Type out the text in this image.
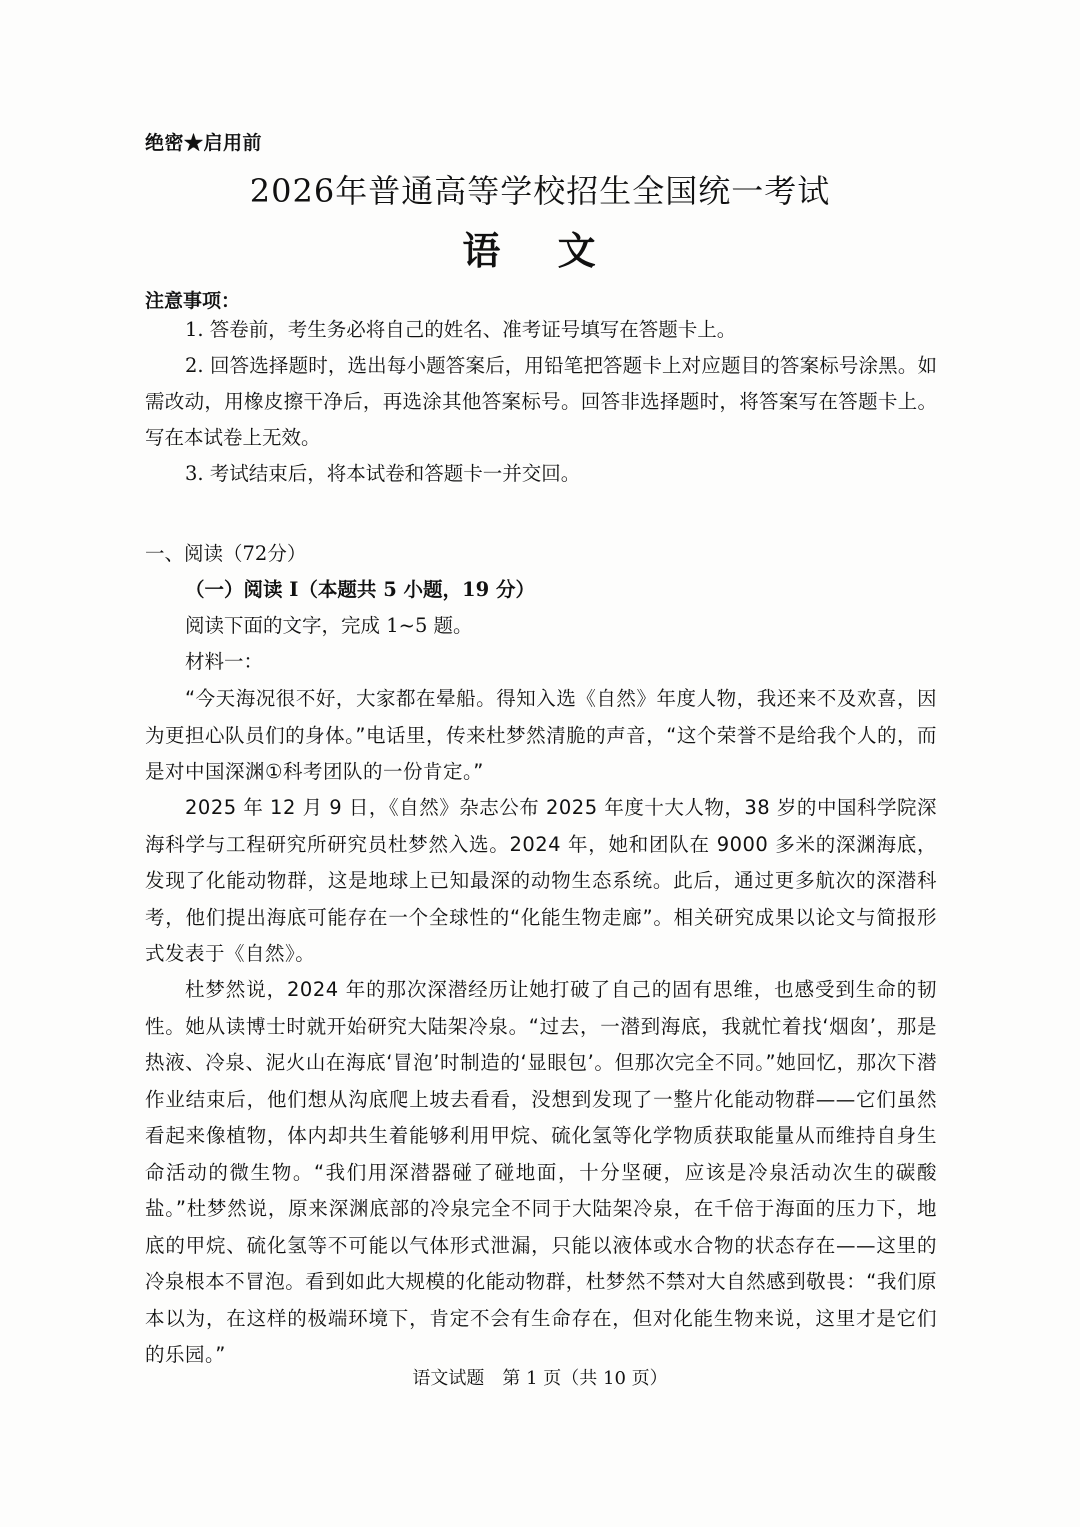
绝密★启用前
2026年普通高等学校招生全国统一考试
语 文
注意事项：
1. 答卷前，考生务必将自己的姓名、准考证号填写在答题卡上。
2. 回答选择题时，选出每小题答案后，用铅笔把答题卡上对应题目的答案标号涂黑。如需改动，用橡皮擦干净后，再选涂其他答案标号。回答非选择题时，将答案写在答题卡上。写在本试卷上无效。
3. 考试结束后，将本试卷和答题卡一并交回。
一、阅读（72分）
（一）阅读 I（本题共 5 小题，19 分）
阅读下面的文字，完成 1~5 题。
材料一：
“今天海况很不好，大家都在晕船。得知入选《自然》年度人物，我还来不及欢喜，因为更担心队员们的身体。”电话里，传来杜梦然清脆的声音，“这个荣誉不是给我个人的，而是对中国深渊①科考团队的一份肯定。”
2025 年 12 月 9 日，《自然》杂志公布 2025 年度十大人物，38 岁的中国科学院深海科学与工程研究所研究员杜梦然入选。2024 年，她和团队在 9000 多米的深渊海底，发现了化能动物群，这是地球上已知最深的动物生态系统。此后，通过更多航次的深潜科考，他们提出海底可能存在一个全球性的“化能生物走廊”。相关研究成果以论文与简报形式发表于《自然》。
杜梦然说，2024 年的那次深潜经历让她打破了自己的固有思维，也感受到生命的韧性。她从读博士时就开始研究大陆架冷泉。“过去，一潜到海底，我就忙着找‘烟囱’，那是热液、冷泉、泥火山在海底‘冒泡’时制造的‘显眼包’。但那次完全不同。”她回忆，那次下潜作业结束后，他们想从沟底爬上坡去看看，没想到发现了一整片化能动物群——它们虽然看起来像植物，体内却共生着能够利用甲烷、硫化氢等化学物质获取能量从而维持自身生命活动的微生物。“我们用深潜器碰了碰地面，十分坚硬，应该是冷泉活动次生的碳酸盐。”杜梦然说，原来深渊底部的冷泉完全不同于大陆架冷泉，在千倍于海面的压力下，地底的甲烷、硫化氢等不可能以气体形式泄漏，只能以液体或水合物的状态存在——这里的冷泉根本不冒泡。看到如此大规模的化能动物群，杜梦然不禁对大自然感到敬畏：“我们原本以为，在这样的极端环境下，肯定不会有生命存在，但对化能生物来说，这里才是它们的乐园。”
语文试题　第 1 页（共 10 页）
